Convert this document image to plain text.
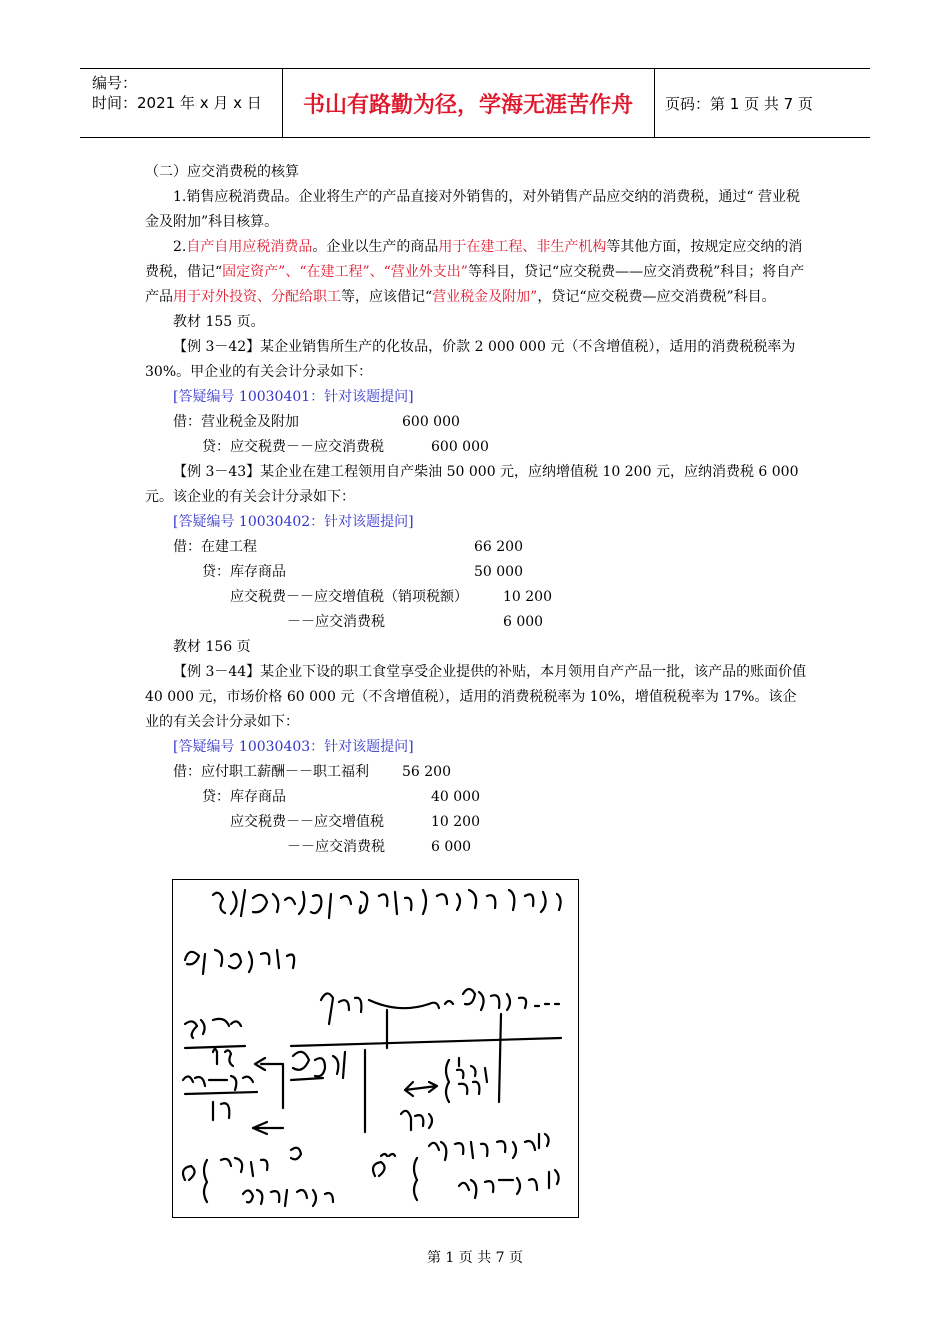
编号：
时间：2021 年 x 月 x 日	书山有路勤为径，学海无涯苦作舟	页码：第 1 页 共 7 页

（二）应交消费税的核算

1.销售应税消费品。企业将生产的产品直接对外销售的，对外销售产品应交纳的消费税，通过“ 营业税金及附加”科目核算。

2.自产自用应税消费品。企业以生产的商品用于在建工程、非生产机构等其他方面，按规定应交纳的消费税，借记“固定资产”、“在建工程”、“营业外支出”等科目，贷记“应交税费——应交消费税”科目；将自产产品用于对外投资、分配给职工等，应该借记“营业税金及附加”，贷记“应交税费—应交消费税”科目。

教材 155 页。

【例 3－42】某企业销售所生产的化妆品，价款 2 000 000 元（不含增值税），适用的消费税税率为 30%。甲企业的有关会计分录如下：

[答疑编号 10030401：针对该题提问]

借：营业税金及附加	600 000
贷：应交税费－－应交消费税	600 000

【例 3－43】某企业在建工程领用自产柴油 50 000 元，应纳增值税 10 200 元，应纳消费税 6 000 元。该企业的有关会计分录如下：

[答疑编号 10030402：针对该题提问]

借：在建工程	66 200
贷：库存商品	50 000
应交税费－－应交增值税（销项税额）	10 200
－－应交消费税	6 000

教材 156 页

【例 3－44】某企业下设的职工食堂享受企业提供的补贴，本月领用自产产品一批，该产品的账面价值 40 000 元，市场价格 60 000 元（不含增值税），适用的消费税税率为 10%，增值税税率为 17%。该企业的有关会计分录如下：

[答疑编号 10030403：针对该题提问]

借：应付职工薪酬－－职工福利 56 200
贷：库存商品	40 000
应交税费－－应交增值税	10 200
－－应交消费税	6 000
第 1 页 共 7 页
